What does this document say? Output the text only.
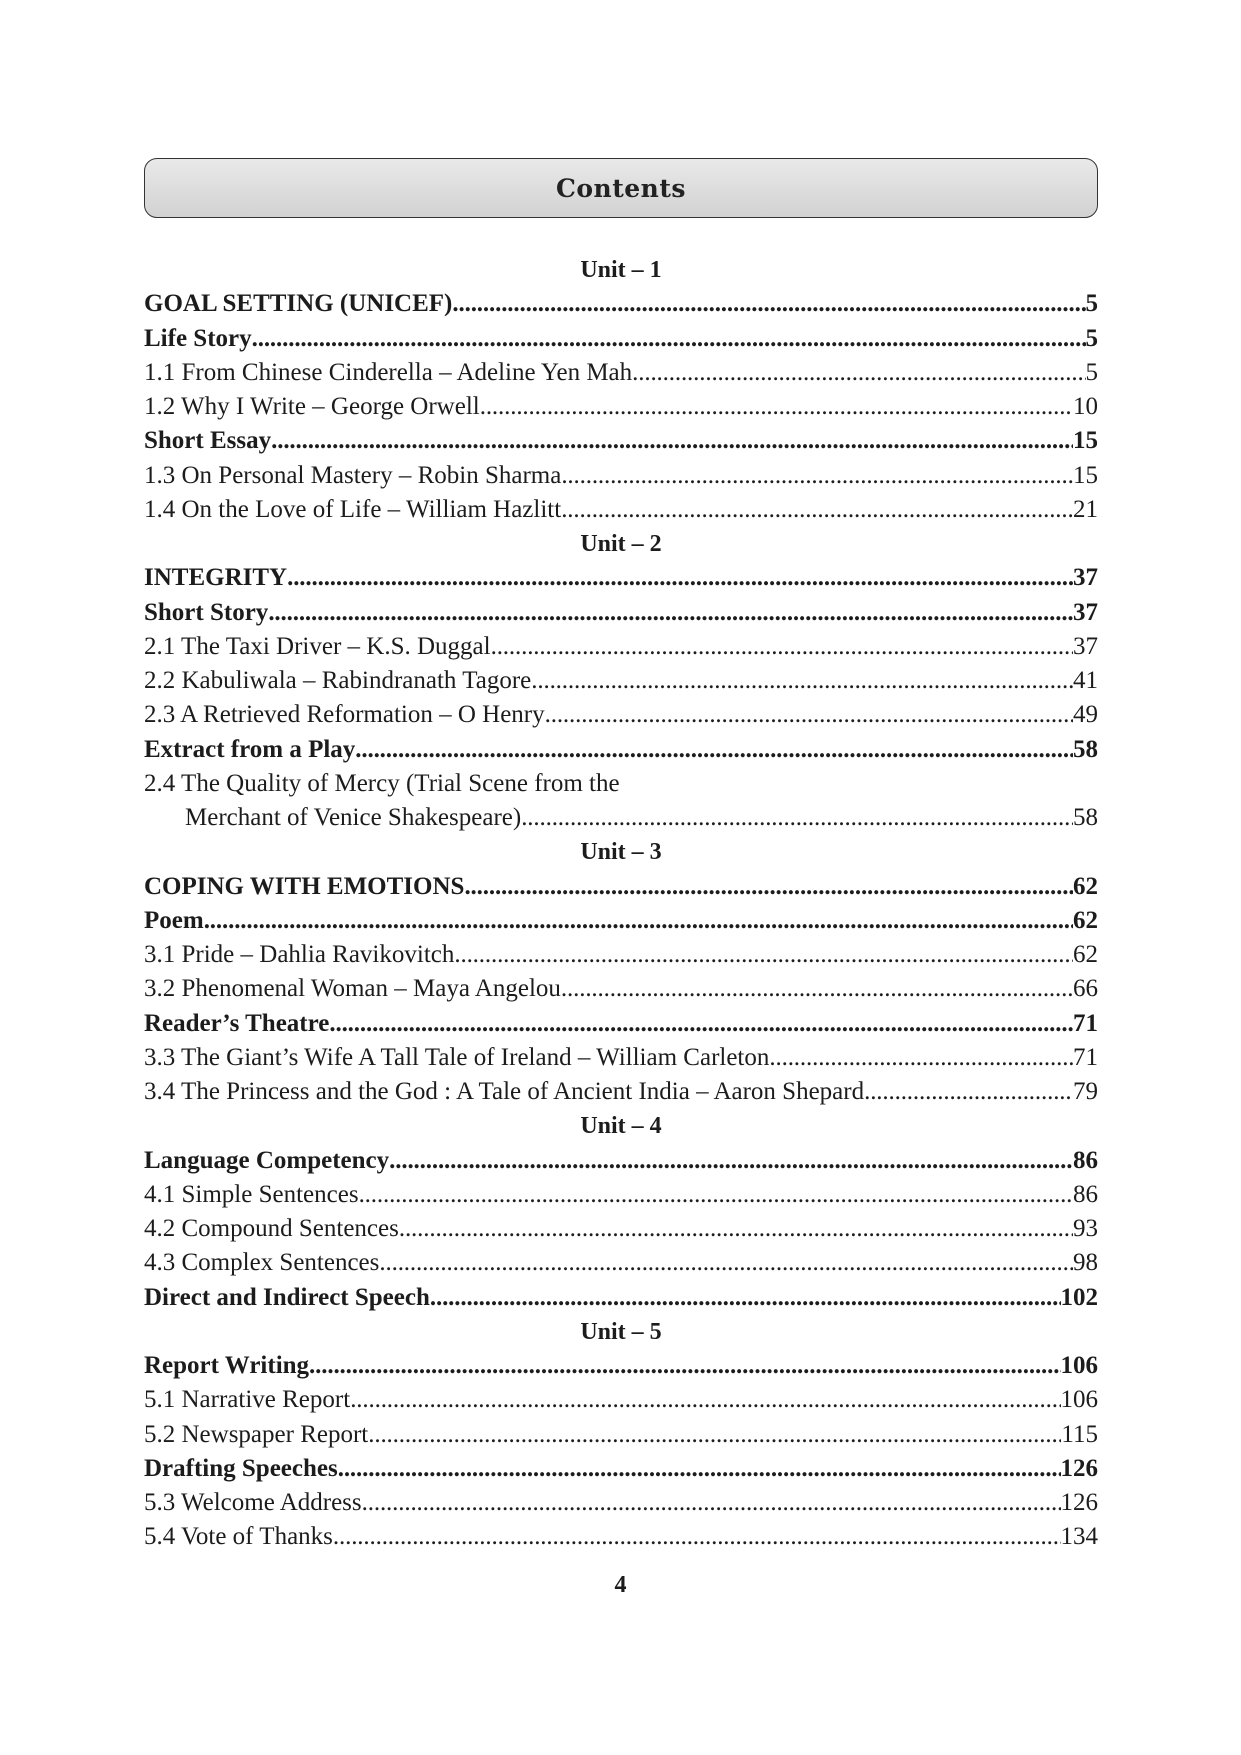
Contents
Unit – 1
GOAL SETTING (UNICEF) . . .	5
Life Story . . .	5
1.1 From Chinese Cinderella – Adeline Yen Mah . . .	5
1.2 Why I Write – George Orwell . . .	10
Short Essay . . .	15
1.3 On Personal Mastery – Robin Sharma . . .	15
1.4 On the Love of Life – William Hazlitt . . .	21
Unit – 2
INTEGRITY . . .	37
Short Story . . .	37
2.1 The Taxi Driver – K.S. Duggal . . .	37
2.2 Kabuliwala – Rabindranath Tagore . . .	41
2.3 A Retrieved Reformation – O Henry . . .	49
Extract from a Play . . .	58
2.4 The Quality of Mercy (Trial Scene from the
Merchant of Venice Shakespeare) . . .	58
Unit – 3
COPING WITH EMOTIONS . . .	62
Poem . . .	62
3.1 Pride – Dahlia Ravikovitch . . .	62
3.2 Phenomenal Woman – Maya Angelou . . .	66
Reader’s Theatre . . .	71
3.3 The Giant’s Wife A Tall Tale of Ireland – William Carleton . . .	71
3.4 The Princess and the God : A Tale of Ancient India – Aaron Shepard . . .	79
Unit – 4
Language Competency . . .	86
4.1 Simple Sentences . . .	86
4.2 Compound Sentences . . .	93
4.3 Complex Sentences . . .	98
Direct and Indirect Speech . . .	102
Unit – 5
Report Writing . . .	106
5.1 Narrative Report . . .	106
5.2 Newspaper Report . . .	115
Drafting Speeches . . .	126
5.3 Welcome Address . . .	126
5.4 Vote of Thanks . . .	134
4
